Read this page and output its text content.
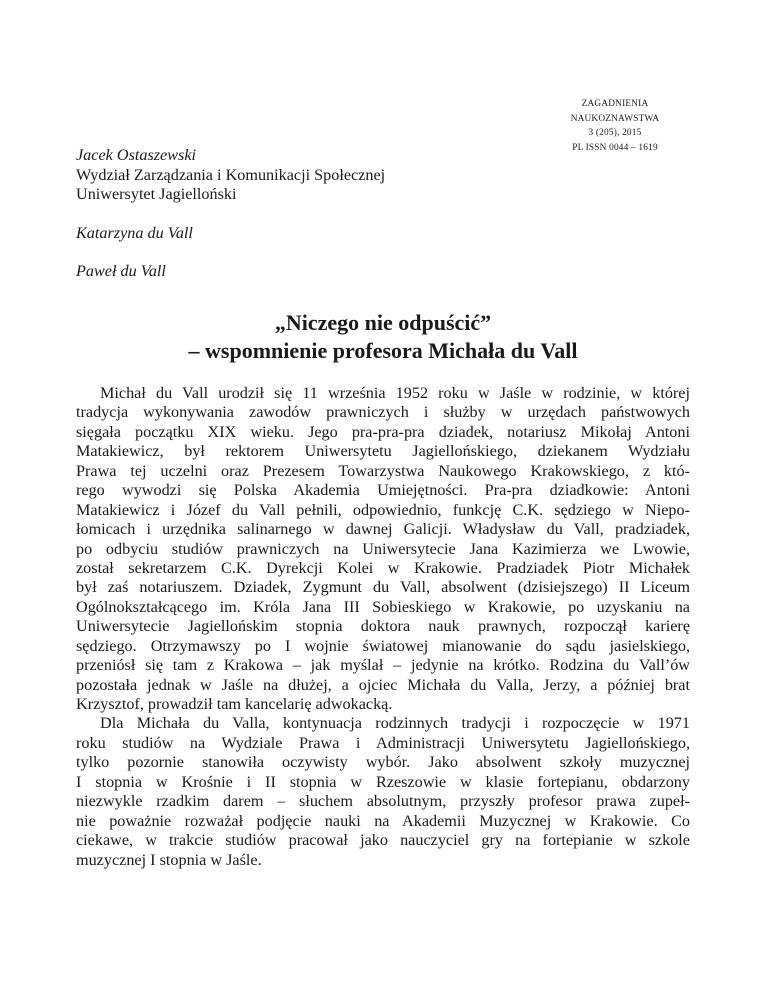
ZAGADNIENIA
NAUKOZNAWSTWA
3 (205), 2015
PL ISSN 0044 – 1619
Jacek Ostaszewski
Wydział Zarządzania i Komunikacji Społecznej
Uniwersytet Jagielloński
Katarzyna du Vall
Paweł du Vall
„Niczego nie odpuścić”
– wspomnienie profesora Michała du Vall
Michał du Vall urodził się 11 września 1952 roku w Jaśle w rodzinie, w której
tradycja wykonywania zawodów prawniczych i służby w urzędach państwowych
sięgała początku XIX wieku. Jego pra-pra-pra dziadek, notariusz Mikołaj Antoni
Matakiewicz, był rektorem Uniwersytetu Jagiellońskiego, dziekanem Wydziału
Prawa tej uczelni oraz Prezesem Towarzystwa Naukowego Krakowskiego, z któ-
rego wywodzi się Polska Akademia Umiejętności. Pra-pra dziadkowie: Antoni
Matakiewicz i Józef du Vall pełnili, odpowiednio, funkcję C.K. sędziego w Niepo-
łomicach i urzędnika salinarnego w dawnej Galicji. Władysław du Vall, pradziadek,
po odbyciu studiów prawniczych na Uniwersytecie Jana Kazimierza we Lwowie,
został sekretarzem C.K. Dyrekcji Kolei w Krakowie. Pradziadek Piotr Michałek
był zaś notariuszem. Dziadek, Zygmunt du Vall, absolwent (dzisiejszego) II Liceum
Ogólnokształcącego im. Króla Jana III Sobieskiego w Krakowie, po uzyskaniu na
Uniwersytecie Jagiellońskim stopnia doktora nauk prawnych, rozpoczął karierę
sędziego. Otrzymawszy po I wojnie światowej mianowanie do sądu jasielskiego,
przeniósł się tam z Krakowa – jak myślał – jedynie na krótko. Rodzina du Vall’ów
pozostała jednak w Jaśle na dłużej, a ojciec Michała du Valla, Jerzy, a później brat
Krzysztof, prowadził tam kancelarię adwokacką.
Dla Michała du Valla, kontynuacja rodzinnych tradycji i rozpoczęcie w 1971
roku studiów na Wydziale Prawa i Administracji Uniwersytetu Jagiellońskiego,
tylko pozornie stanowiła oczywisty wybór. Jako absolwent szkoły muzycznej
I stopnia w Krośnie i II stopnia w Rzeszowie w klasie fortepianu, obdarzony
niezwykle rzadkim darem – słuchem absolutnym, przyszły profesor prawa zupeł-
nie poważnie rozważał podjęcie nauki na Akademii Muzycznej w Krakowie. Co
ciekawe, w trakcie studiów pracował jako nauczyciel gry na fortepianie w szkole
muzycznej I stopnia w Jaśle.
